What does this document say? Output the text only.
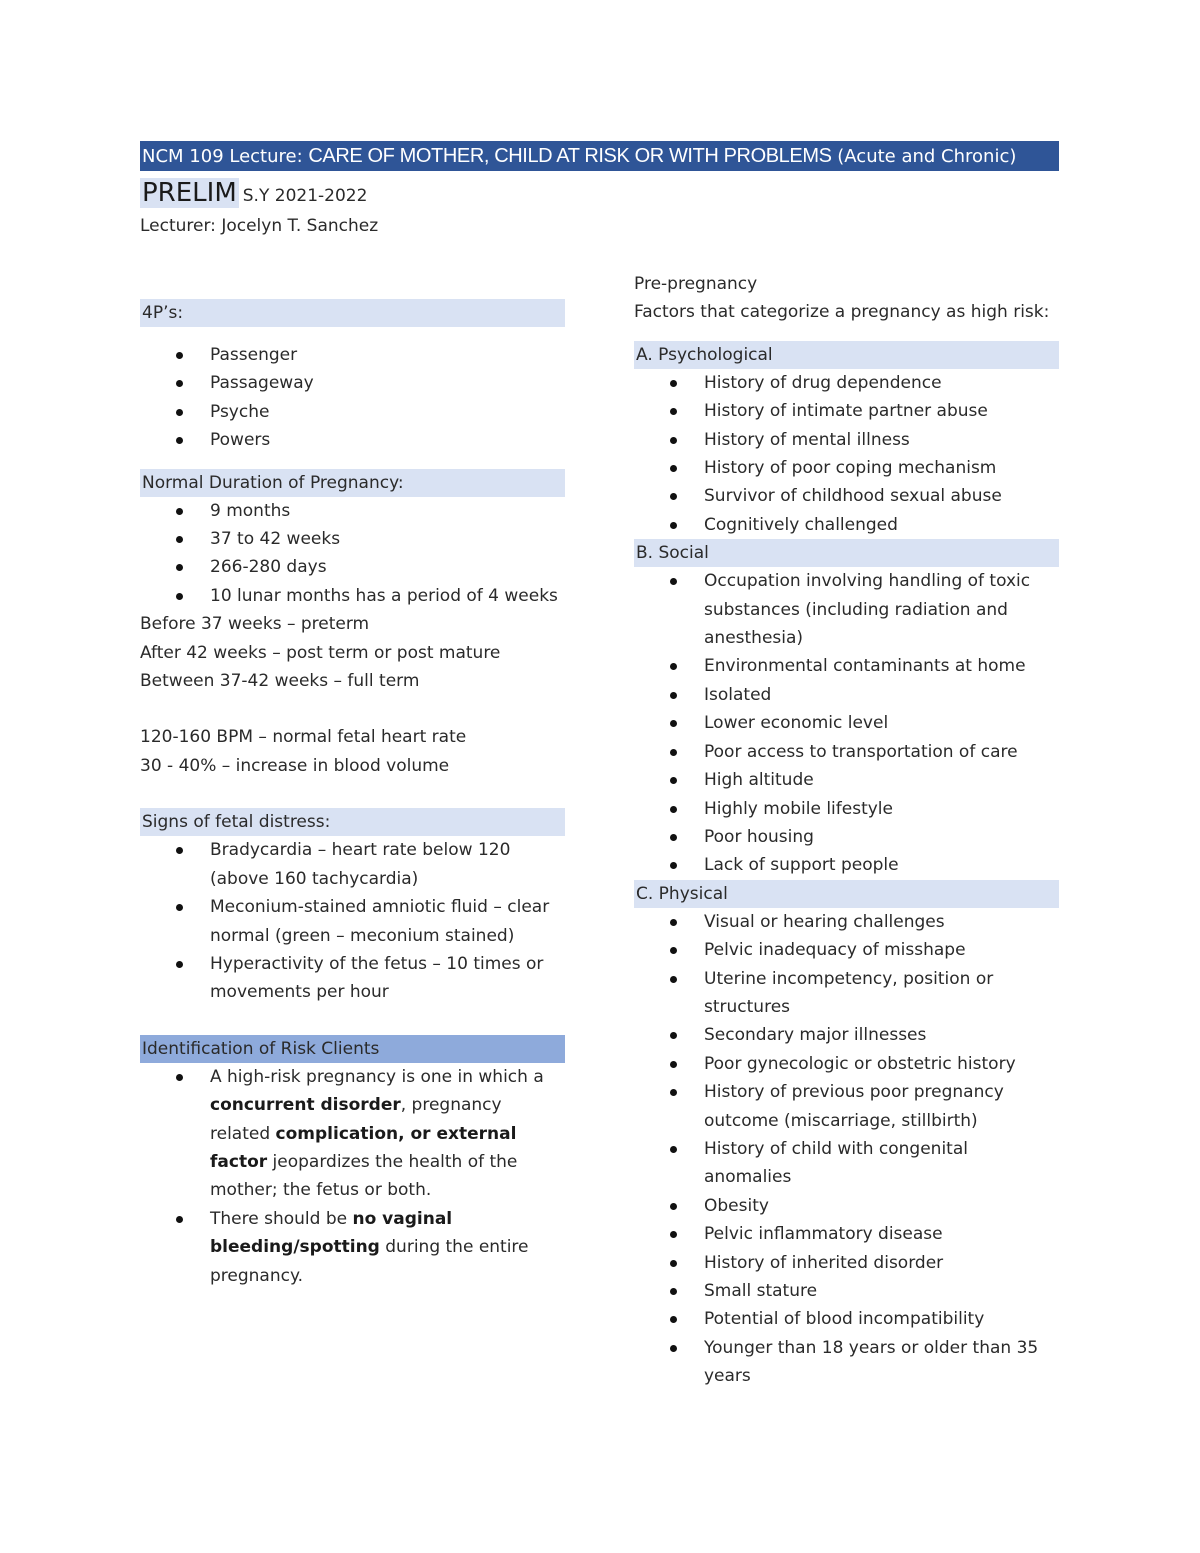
NCM 109 Lecture:
CARE OF MOTHER, CHILD AT RISK OR WITH PROBLEMS
(Acute and Chronic)
PRELIM S.Y 2021-2022
Lecturer: Jocelyn T. Sanchez
4P’s:
Passenger
Passageway
Psyche
Powers
Normal Duration of Pregnancy:
9 months
37 to 42 weeks
266-280 days
10 lunar months has a period of 4 weeks
Before 37 weeks – preterm
After 42 weeks – post term or post mature
Between 37-42 weeks – full term
120-160 BPM – normal fetal heart rate
30 - 40% – increase in blood volume
Signs of fetal distress:
Bradycardia – heart rate below 120 (above 160 tachycardia)
Meconium-stained amniotic fluid – clear normal (green – meconium stained)
Hyperactivity of the fetus – 10 times or movements per hour
Identification of Risk Clients
A high-risk pregnancy is one in which a concurrent disorder, pregnancy related complication, or external factor jeopardizes the health of the mother; the fetus or both.
There should be no vaginal bleeding/spotting during the entire pregnancy.
Pre-pregnancy
Factors that categorize a pregnancy as high risk:
A. Psychological
History of drug dependence
History of intimate partner abuse
History of mental illness
History of poor coping mechanism
Survivor of childhood sexual abuse
Cognitively challenged
B. Social
Occupation involving handling of toxic substances (including radiation and anesthesia)
Environmental contaminants at home
Isolated
Lower economic level
Poor access to transportation of care
High altitude
Highly mobile lifestyle
Poor housing
Lack of support people
C. Physical
Visual or hearing challenges
Pelvic inadequacy of misshape
Uterine incompetency, position or structures
Secondary major illnesses
Poor gynecologic or obstetric history
History of previous poor pregnancy outcome (miscarriage, stillbirth)
History of child with congenital anomalies
Obesity
Pelvic inflammatory disease
History of inherited disorder
Small stature
Potential of blood incompatibility
Younger than 18 years or older than 35 years
